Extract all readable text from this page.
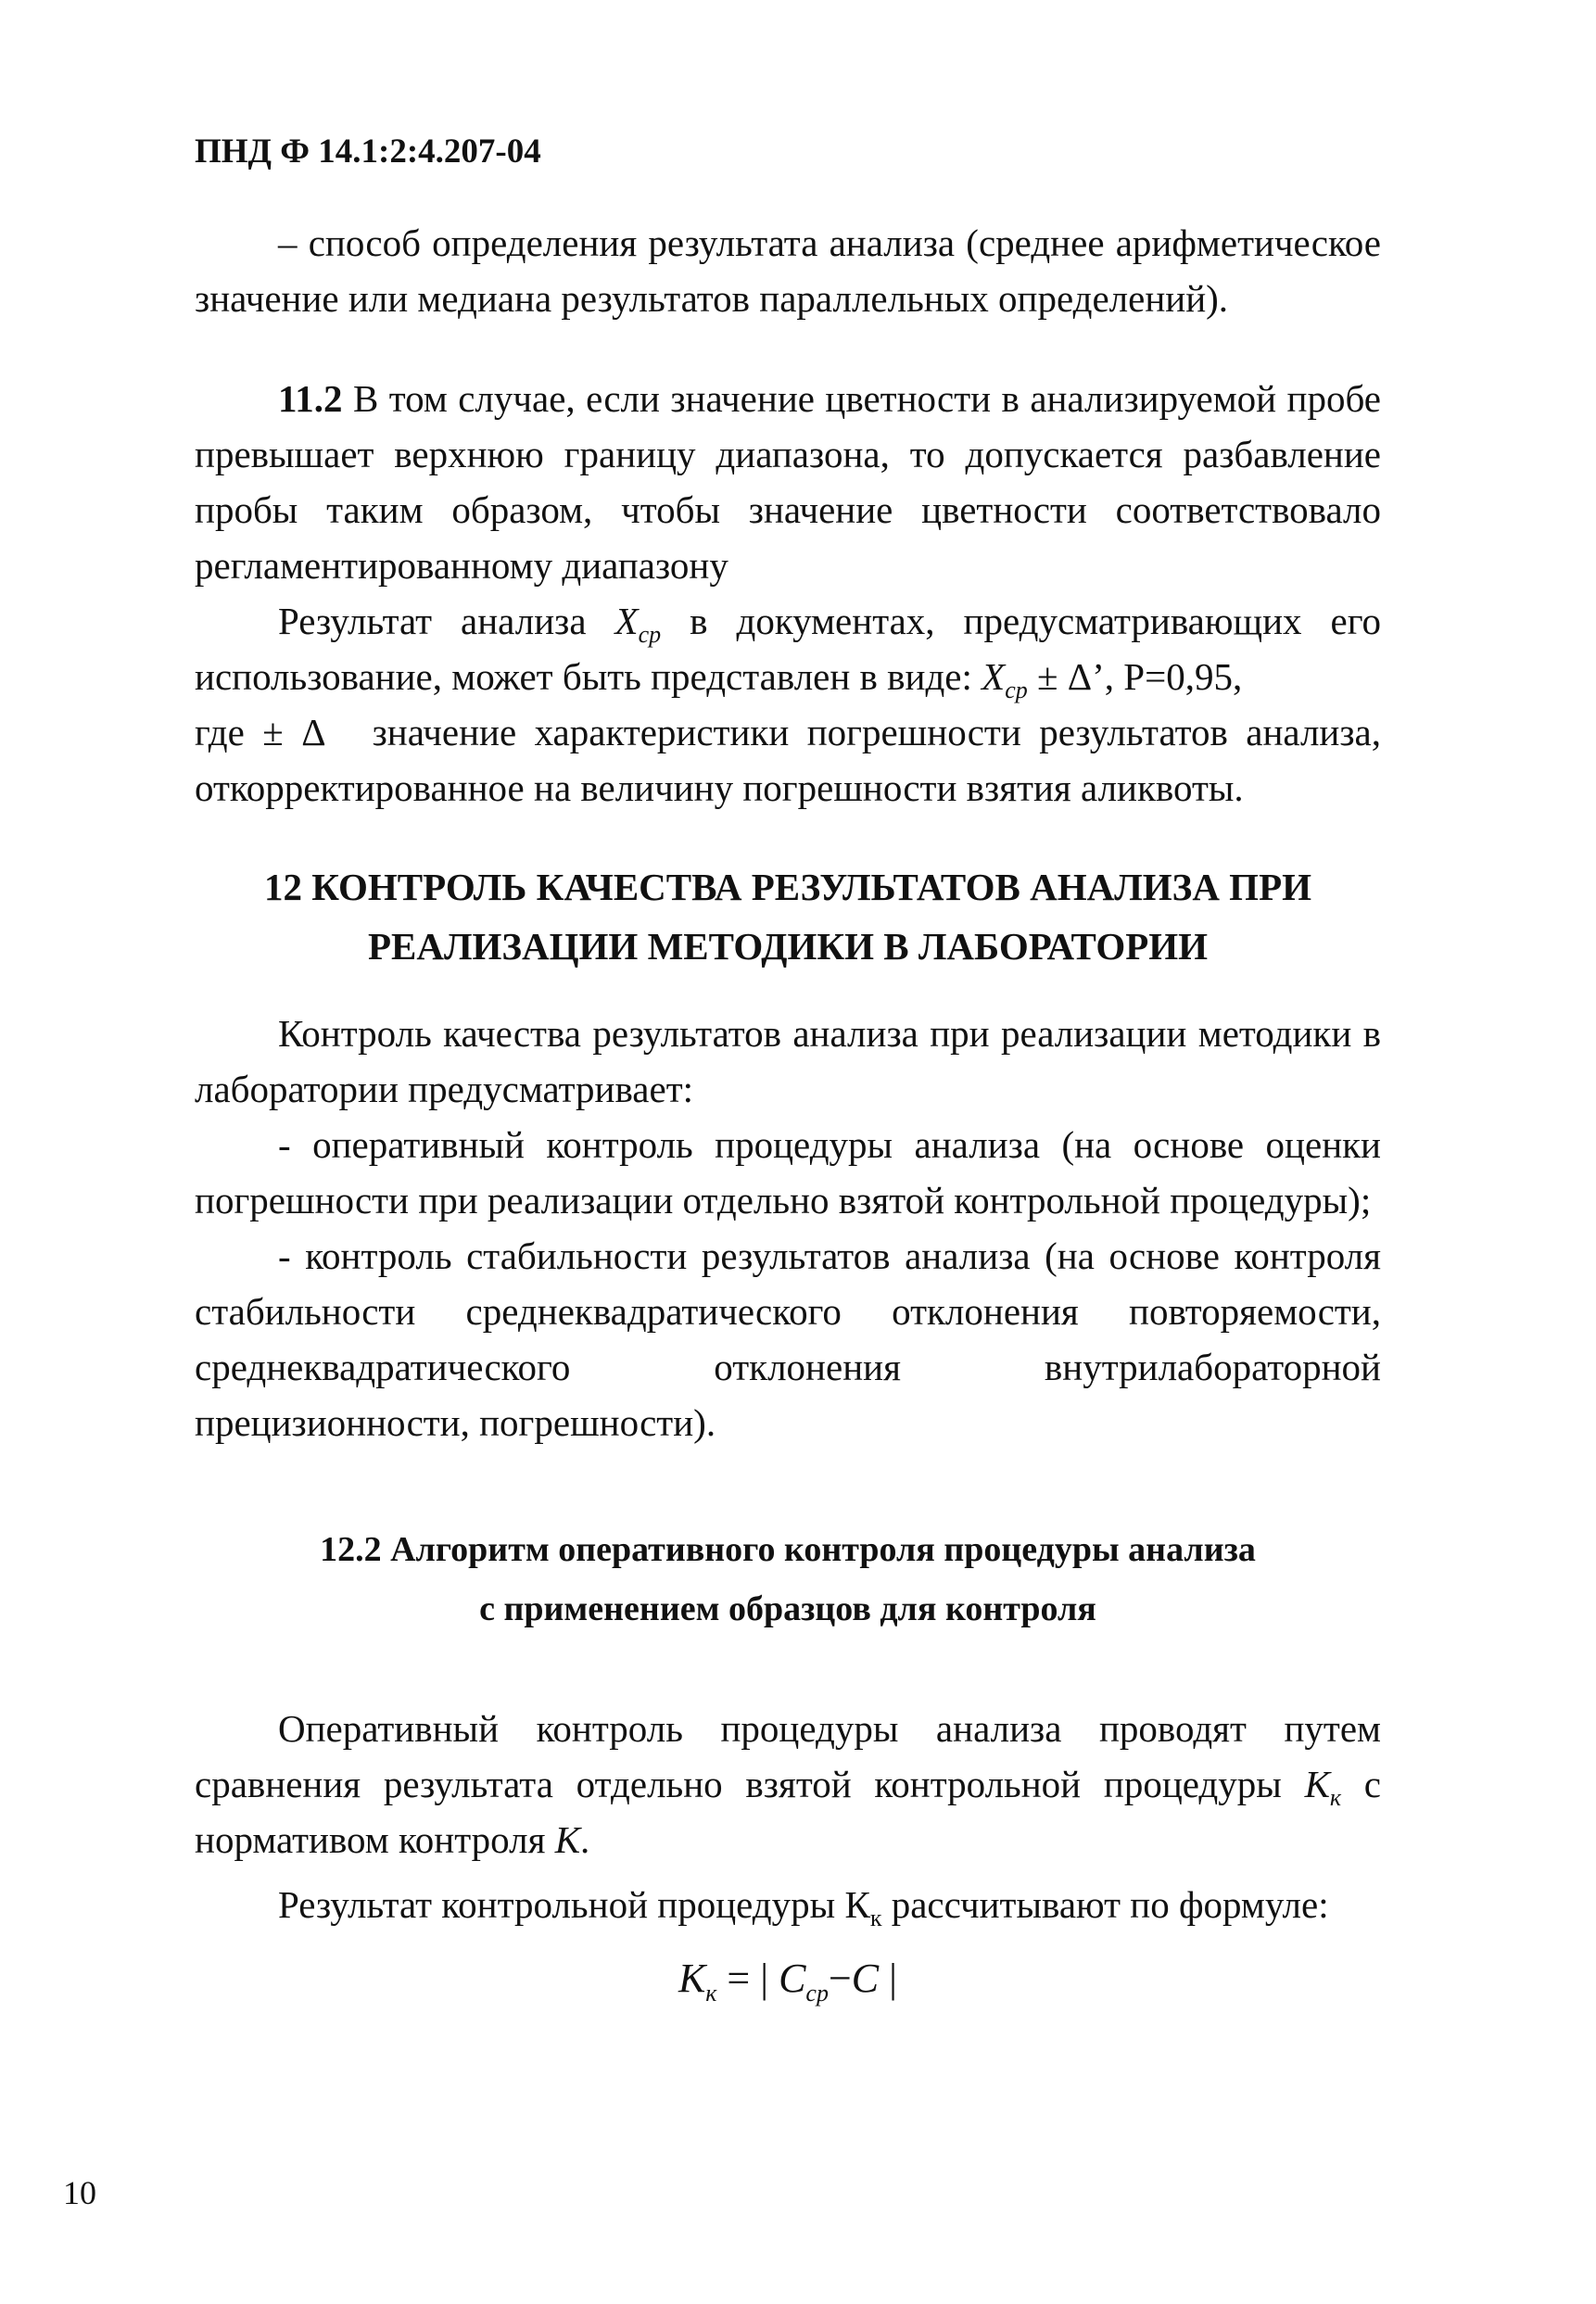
ПНД Ф 14.1:2:4.207-04

– способ определения результата анализа (среднее арифметическое значение или медиана результатов параллельных определений).

11.2 В том случае, если значение цветности в анализируемой пробе превышает верхнюю границу диапазона, то допускается разбавление пробы таким образом, чтобы значение цветности соответствовало регламентированному диапазону

Результат анализа $X_{ср}$ в документах, предусматривающих его использование, может быть представлен в виде: $X_{ср} \pm \Delta$’, P=0,95,

где ± Δ значение характеристики погрешности результатов анализа, откорректированное на величину погрешности взятия аликвоты.

12 КОНТРОЛЬ КАЧЕСТВА РЕЗУЛЬТАТОВ АНАЛИЗА ПРИ
РЕАЛИЗАЦИИ МЕТОДИКИ В ЛАБОРАТОРИИ

Контроль качества результатов анализа при реализации методики в лаборатории предусматривает:

- оперативный контроль процедуры анализа (на основе оценки погрешности при реализации отдельно взятой контрольной процедуры);

- контроль стабильности результатов анализа (на основе контроля стабильности среднеквадратического отклонения повторяемости, среднеквадратического отклонения внутрилабораторной прецизионности, погрешности).

12.2 Алгоритм оперативного контроля процедуры анализа
с применением образцов для контроля

Оперативный контроль процедуры анализа проводят путем сравнения результата отдельно взятой контрольной процедуры $К_к$ с нормативом контроля К.

Результат контрольной процедуры $К_к$ рассчитывают по формуле:

$К_к$ = | $С_{ср}-С$ |
10
